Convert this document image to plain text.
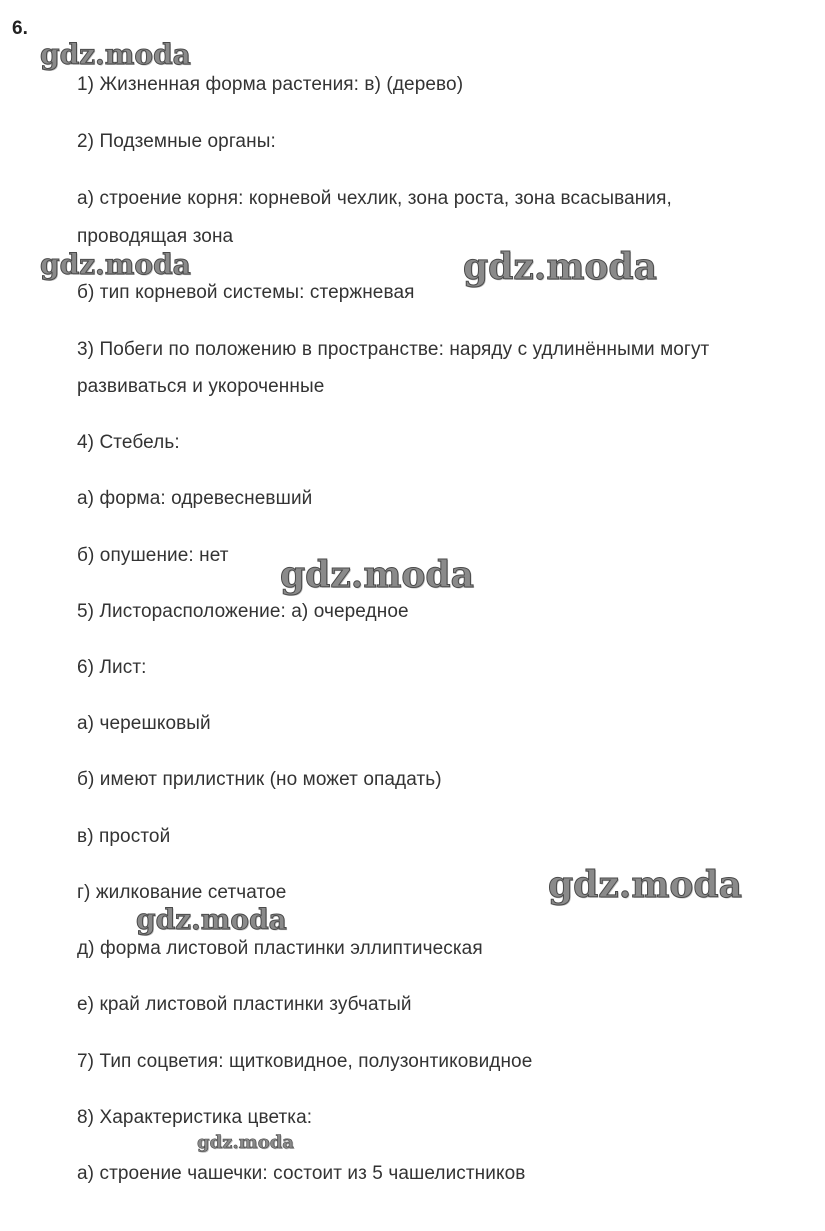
6.
1) Жизненная форма растения: в) (дерево)
2) Подземные органы:
а) строение корня: корневой чехлик, зона роста, зона всасывания,
проводящая зона
б) тип корневой системы: стержневая
3) Побеги по положению в пространстве: наряду с удлинёнными могут
развиваться и укороченные
4) Стебель:
а) форма: одревесневший
б) опушение: нет
5) Листорасположение: а) очередное
6) Лист:
а) черешковый
б) имеют прилистник (но может опадать)
в) простой
г) жилкование сетчатое
д) форма листовой пластинки эллиптическая
е) край листовой пластинки зубчатый
7) Тип соцветия: щитковидное, полузонтиковидное
8) Характеристика цветка:
а) строение чашечки: состоит из 5 чашелистников
gdz.moda
gdz.moda	gdz.moda
gdz.moda
gdz.moda
gdz.moda
gdz.moda
